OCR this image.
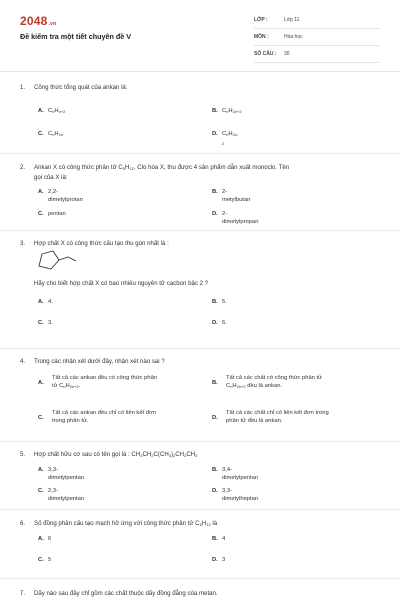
2048.vn
Đề kiểm tra một tiết chuyên đề V
LỚP :	Lớp 11
MÔN :	Hóa học
SỐ CÂU : 30
1. Công thức tổng quát của ankan là:
A. $C_nH_{n+2}$	B. $C_nH_{2n+2}$
C. $C_nH_{2n}$	D. $C_nH_{2n-2}$
2. Ankan X có công thức phân tử $C_5H_{12}$. Clo hóa X, thu được 4 sản phẩm dẫn xuất monoclo. Tên
gọi của X là:
A. 2,2-dimetylprotan
B. 2- metylbutan
C. pentan	D. 2- dimetylpropan
3. Hợp chất X có công thức cấu tạo thu gọn nhất là :
Hãy cho biết hợp chất X có bao nhiêu nguyên tử cacbon bậc 2 ?
A. 4.	B. 5.
C. 3.	D. 6.
4. Trong các nhận xét dưới đây, nhận xét nào sai ?
A.
Tất cả các ankan đều có công thức phân
tử $C_nH_{2n+2}$.	B.
Tất cả các chất có công thức phân tử
$C_nH_{2n+2}$ đều là ankan.
C.
Tất cả các ankan đều chỉ có liên kết đơn
trong phân tử.	D.
Tất cả các chất chỉ có liên kết đơn trong
phân tử đều là ankan.
5. Hợp chất hữu cơ sau có tên gọi là : $CH_3CH_2C(CH_3)_2CH_2CH_3$
A. 3,3-dimetylpentan
B. 3,4-dimetylpentan
C. 2,3-dimetylpentan
D. 3,3-dimetylheptan
6. Số đồng phân cấu tạo mạch hở ứng với công thức phân tử $C_5H_{12}$ là
A. 6	B. 4
C. 5	D. 3
7. Dãy nào sau đây chỉ gồm các chất thuộc dãy đồng đẳng của metan.
